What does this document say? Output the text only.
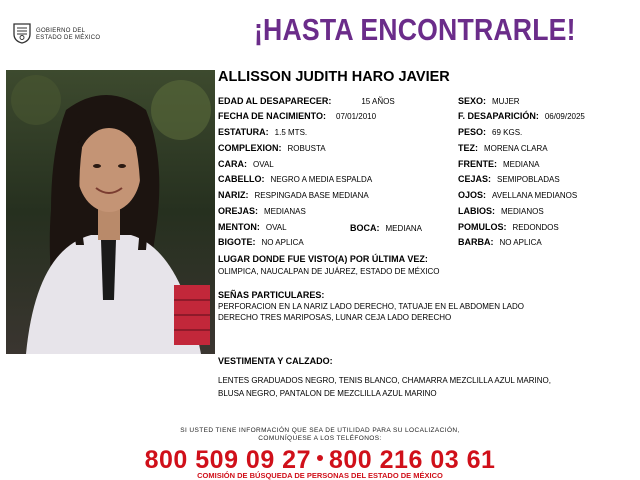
GOBIERNO DEL
ESTADO DE MÉXICO	¡HASTA ENCONTRARLE!
ALLISSON JUDITH HARO JAVIER
EDAD AL DESAPARECER:	15 AÑOS
FECHA DE NACIMIENTO: 07/01/2010
ESTATURA: 1.5 MTS.
COMPLEXION: ROBUSTA
CARA: OVAL
CABELLO: NEGRO A MEDIA ESPALDA
NARIZ: RESPINGADA BASE MEDIANA
OREJAS: MEDIANAS
MENTON: OVAL
BIGOTE: NO APLICA
BOCA: MEDIANA
SEXO: MUJER
F. DESAPARICIÓN: 06/09/2025
PESO: 69 KGS.
TEZ: MORENA CLARA
FRENTE: MEDIANA
CEJAS: SEMIPOBLADAS
OJOS: AVELLANA MEDIANOS
LABIOS: MEDIANOS
POMULOS: REDONDOS
BARBA: NO APLICA
LUGAR DONDE FUE VISTO(A) POR ÚLTIMA VEZ:
OLIMPICA, NAUCALPAN DE JUÁREZ, ESTADO DE MÉXICO
SEÑAS PARTICULARES:
PERFORACION EN LA NARIZ LADO DERECHO, TATUAJE EN EL ABDOMEN LADO
DERECHO TRES MARIPOSAS, LUNAR CEJA LADO DERECHO
VESTIMENTA Y CALZADO:
LENTES GRADUADOS NEGRO, TENIS BLANCO, CHAMARRA MEZCLILLA AZUL MARINO,
BLUSA NEGRO, PANTALON DE MEZCLILLA AZUL MARINO
SI USTED TIENE INFORMACIÓN QUE SEA DE UTILIDAD PARA SU LOCALIZACIÓN,
COMUNÍQUESE A LOS TELÉFONOS:
800 509 09 27 800 216 03 61
COMISIÓN DE BÚSQUEDA DE PERSONAS DEL ESTADO DE MÉXICO
